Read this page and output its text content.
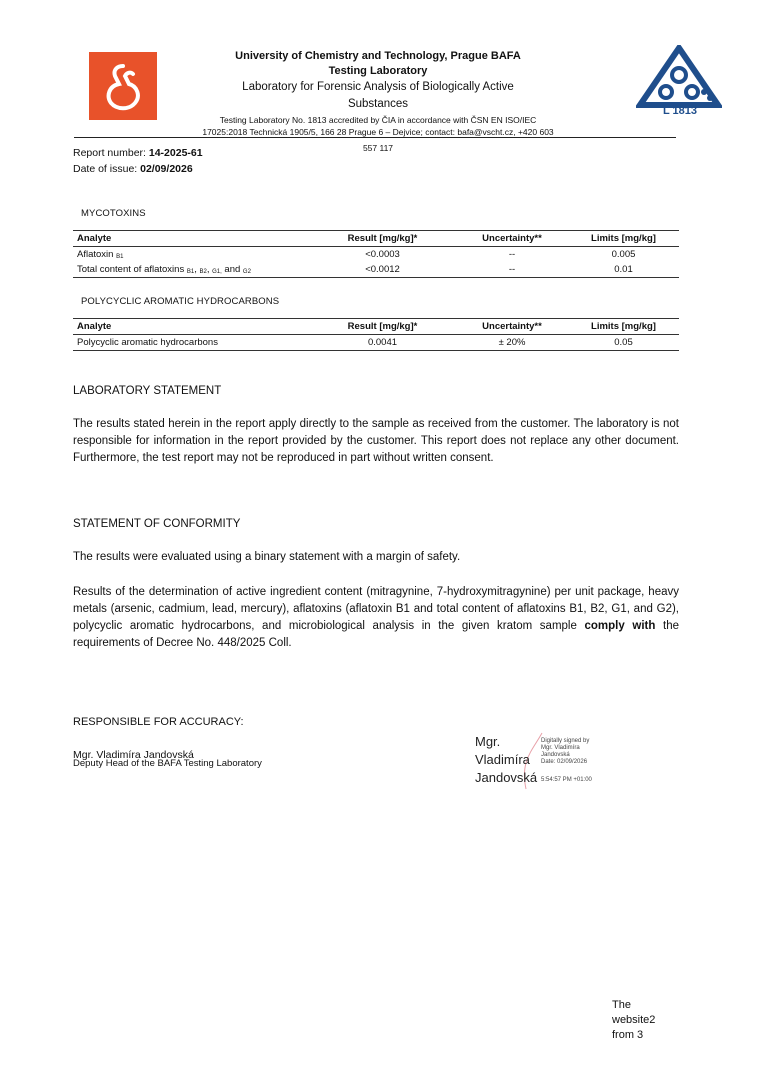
University of Chemistry and Technology, Prague BAFA
Testing Laboratory
Laboratory for Forensic Analysis of Biologically Active
Substances
Testing Laboratory No. 1813 accredited by ČIA in accordance with ČSN EN ISO/IEC
17025:2018 Technická 1905/5, 166 28 Prague 6 – Dejvice; contact: bafa@vscht.cz, +420 603
557 117
L 1813
Report number: 14-2025-61
Date of issue: 02/09/2026
MYCOTOXINS
Analyte	Result [mg/kg]*	Uncertainty**	Limits [mg/kg]
Aflatoxin $_{B1}$	<0.0003	--	0.005
Total content of aflatoxins $_{B1}$, $_{B2}$, $_{G1,}$ and $_{G2}$	<0.0012	--	0.01
POLYCYCLIC AROMATIC HYDROCARBONS
Analyte	Result [mg/kg]*	Uncertainty**	Limits [mg/kg]
Polycyclic aromatic hydrocarbons	0.0041	± 20%	0.05
LABORATORY STATEMENT
The results stated herein in the report apply directly to the sample as received from the customer. The laboratory is not responsible for information in the report provided by the customer. This report does not replace any other document. Furthermore, the test report may not be reproduced in part without written consent.
STATEMENT OF CONFORMITY
The results were evaluated using a binary statement with a margin of safety.
Results of the determination of active ingredient content (mitragynine, 7-hydroxymitragynine) per unit package, heavy metals (arsenic, cadmium, lead, mercury), aflatoxins (aflatoxin B1 and total content of aflatoxins B1, B2, G1, and G2), polycyclic aromatic hydrocarbons, and microbiological analysis in the given kratom sample comply with the requirements of Decree No. 448/2025 Coll.
RESPONSIBLE FOR ACCURACY:
Mgr. Vladimíra Jandovská
Deputy Head of the BAFA Testing Laboratory
Mgr.
Vladimíra
Jandovská
Digitally signed by
Mgr. Vladimíra
Jandovská
Date: 02/09/2026
5:54:57 PM +01:00
The
website2
from 3
